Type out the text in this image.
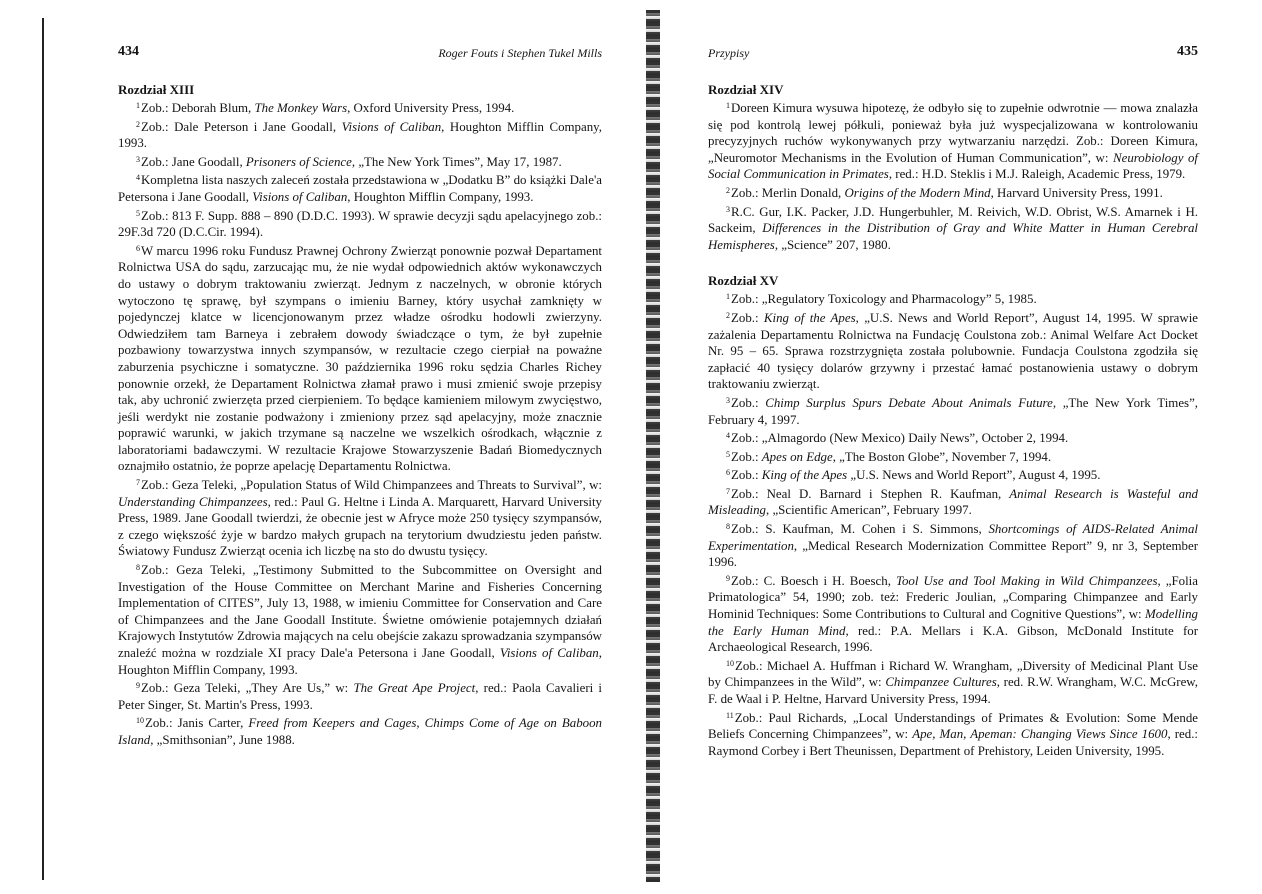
434	Roger Fouts i Stephen Tukel Mills
Rozdział XIII

$^1$Zob.: Deborah Blum, The Monkey Wars, Oxford University Press, 1994.

$^2$Zob.: Dale Peterson i Jane Goodall, Visions of Caliban, Houghton Mifflin Company, 1993.

$^3$Zob.: Jane Goodall, Prisoners of Science, „The New York Times”, May 17, 1987.

$^4$Kompletna lista naszych zaleceń została przedstawiona w „Dodatku B” do książki Dale'a Petersona i Jane Goodall, Visions of Caliban, Houghton Mifflin Company, 1993.

$^5$Zob.: 813 F. Supp. 888 – 890 (D.D.C. 1993). W sprawie decyzji sądu apelacyjnego zob.: 29F.3d 720 (D.C.Cir. 1994).

$^6$W marcu 1996 roku Fundusz Prawnej Ochrony Zwierząt ponownie pozwał Departament Rolnictwa USA do sądu, zarzucając mu, że nie wydał odpowiednich aktów wykonawczych do ustawy o dobrym traktowaniu zwierząt. Jednym z naczelnych, w obronie których wytoczono tę sprawę, był szympans o imieniu Barney, który usychał zamknięty w pojedynczej klatce w licencjonowanym przez władze ośrodku hodowli zwierzyny. Odwiedziłem tam Barneya i zebrałem dowody świadczące o tym, że był zupełnie pozbawiony towarzystwa innych szympansów, w rezultacie czego cierpiał na poważne zaburzenia psychiczne i somatyczne. 30 października 1996 roku sędzia Charles Richey ponownie orzekł, że Departament Rolnictwa złamał prawo i musi zmienić swoje przepisy tak, aby uchronić zwierzęta przed cierpieniem. To będące kamieniem milowym zwycięstwo, jeśli werdykt nie zostanie podważony i zmieniony przez sąd apelacyjny, może znacznie poprawić warunki, w jakich trzymane są naczelne we wszelkich ośrodkach, włącznie z laboratoriami badawczymi. W rezultacie Krajowe Stowarzyszenie Badań Biomedycznych oznajmiło ostatnio, że poprze apelację Departamentu Rolnictwa.

$^7$Zob.: Geza Teleki, „Population Status of Wild Chimpanzees and Threats to Survival”, w: Understanding Chimpanzees, red.: Paul G. Heltne i Linda A. Marquarett, Harvard University Press, 1989. Jane Goodall twierdzi, że obecnie jest w Afryce może 250 tysięcy szympansów, z czego większość żyje w bardzo małych grupach na terytorium dwudziestu jeden państw. Światowy Fundusz Zwierząt ocenia ich liczbę na sto do dwustu tysięcy.

$^8$Zob.: Geza Teleki, „Testimony Submitted to the Subcommittee on Oversight and Investigation of the House Committee on Merchant Marine and Fisheries Concerning Implementation of CITES”, July 13, 1988, w imieniu Committee for Conservation and Care of Chimpanzees and the Jane Goodall Institute. Świetne omówienie potajemnych działań Krajowych Instytutów Zdrowia mających na celu obejście zakazu sprowadzania szympansów znaleźć można w rozdziale XI pracy Dale'a Petersona i Jane Goodall, Visions of Caliban, Houghton Mifflin Company, 1993.

$^9$Zob.: Geza Teleki, „They Are Us,” w: The Great Ape Project, red.: Paola Cavalieri i Peter Singer, St. Martin's Press, 1993.

$^{10}$Zob.: Janis Carter, Freed from Keepers and Cages, Chimps Come of Age on Baboon Island, „Smithsonian”, June 1988.

Przypisy	435
Rozdział XIV

$^1$Doreen Kimura wysuwa hipotezę, że odbyło się to zupełnie odwrotnie — mowa znalazła się pod kontrolą lewej półkuli, ponieważ była już wyspecjalizowana w kontrolowaniu precyzyjnych ruchów wykonywanych przy wytwarzaniu narzędzi. Zob.: Doreen Kimura, „Neuromotor Mechanisms in the Evolution of Human Communication”, w: Neurobiology of Social Communication in Primates, red.: H.D. Steklis i M.J. Raleigh, Academic Press, 1979.

$^2$Zob.: Merlin Donald, Origins of the Modern Mind, Harvard University Press, 1991.

$^3$R.C. Gur, I.K. Packer, J.D. Hungerbuhler, M. Reivich, W.D. Obrist, W.S. Amarnek i H. Sackeim, Differences in the Distribution of Gray and White Matter in Human Cerebral Hemispheres, „Science” 207, 1980.

Rozdział XV

$^1$Zob.: „Regulatory Toxicology and Pharmacology” 5, 1985.

$^2$Zob.: King of the Apes, „U.S. News and World Report”, August 14, 1995. W sprawie zażalenia Departamentu Rolnictwa na Fundację Coulstona zob.: Animal Welfare Act Docket Nr. 95 – 65. Sprawa rozstrzygnięta została polubownie. Fundacja Coulstona zgodziła się zapłacić 40 tysięcy dolarów grzywny i przestać łamać postanowienia ustawy o dobrym traktowaniu zwierząt.

$^3$Zob.: Chimp Surplus Spurs Debate About Animals Future, „The New York Times”, February 4, 1997.

$^4$Zob.: „Almagordo (New Mexico) Daily News”, October 2, 1994.

$^5$Zob.: Apes on Edge, „The Boston Globe”, November 7, 1994.

$^6$Zob.: King of the Apes „U.S. News and World Report”, August 4, 1995.

$^7$Zob.: Neal D. Barnard i Stephen R. Kaufman, Animal Research is Wasteful and Misleading, „Scientific American”, February 1997.

$^8$Zob.: S. Kaufman, M. Cohen i S. Simmons, Shortcomings of AIDS-Related Animal Experimentation, „Medical Research Modernization Committee Report” 9, nr 3, September 1996.

$^9$Zob.: C. Boesch i H. Boesch, Tool Use and Tool Making in Wild Chimpanzees, „Folia Primatologica” 54, 1990; zob. też: Frederic Joulian, „Comparing Chimpanzee and Early Hominid Techniques: Some Contributions to Cultural and Cognitive Questions”, w: Modelling the Early Human Mind, red.: P.A. Mellars i K.A. Gibson, McDonald Institute for Archaeological Research, 1996.

$^{10}$Zob.: Michael A. Huffman i Richard W. Wrangham, „Diversity of Medicinal Plant Use by Chimpanzees in the Wild”, w: Chimpanzee Cultures, red. R.W. Wrangham, W.C. McGrew, F. de Waal i P. Heltne, Harvard University Press, 1994.

$^{11}$Zob.: Paul Richards, „Local Understandings of Primates & Evolution: Some Mende Beliefs Concerning Chimpanzees”, w: Ape, Man, Apeman: Changing Views Since 1600, red.: Raymond Corbey i Bert Theunissen, Department of Prehistory, Leiden University, 1995.
